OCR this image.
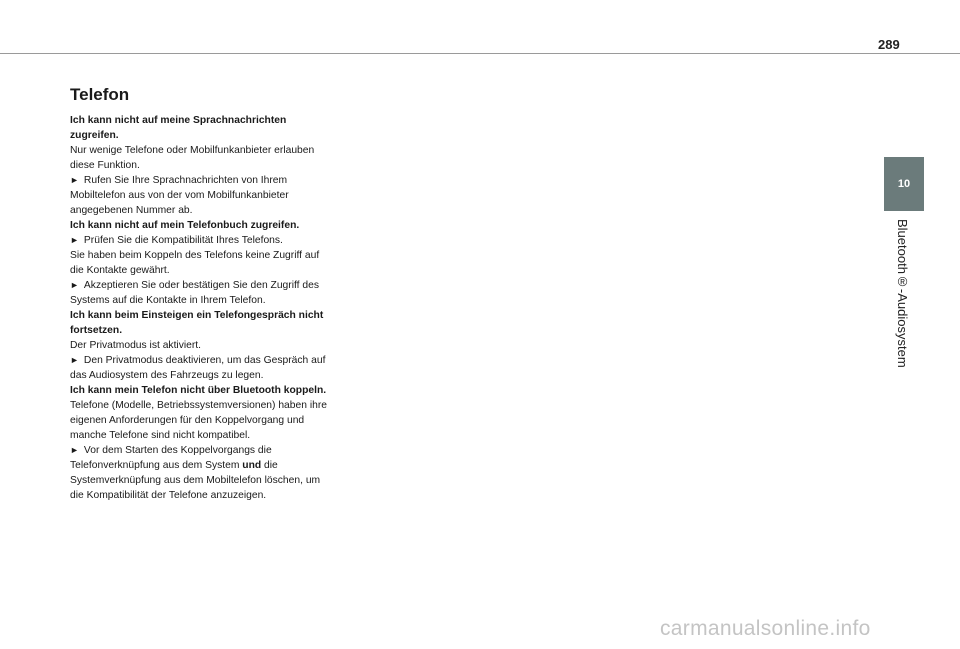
289
10
Bluetooth®-Audiosystem
Telefon

Ich kann nicht auf meine Sprachnachrichten zugreifen.

Nur wenige Telefone oder Mobilfunkanbieter erlauben diese Funktion.

► Rufen Sie Ihre Sprachnachrichten von Ihrem Mobiltelefon aus von der vom Mobilfunkanbieter angegebenen Nummer ab.

Ich kann nicht auf mein Telefonbuch zugreifen.

► Prüfen Sie die Kompatibilität Ihres Telefons.

Sie haben beim Koppeln des Telefons keine Zugriff auf die Kontakte gewährt.

► Akzeptieren Sie oder bestätigen Sie den Zugriff des Systems auf die Kontakte in Ihrem Telefon.

Ich kann beim Einsteigen ein Telefongespräch nicht fortsetzen.

Der Privatmodus ist aktiviert.

► Den Privatmodus deaktivieren, um das Gespräch auf das Audiosystem des Fahrzeugs zu legen.

Ich kann mein Telefon nicht über Bluetooth koppeln.

Telefone (Modelle, Betriebssystemversionen) haben ihre eigenen Anforderungen für den Koppelvorgang und manche Telefone sind nicht kompatibel.

► Vor dem Starten des Koppelvorgangs die Telefonverknüpfung aus dem System und die Systemverknüpfung aus dem Mobiltelefon löschen, um die Kompatibilität der Telefone anzuzeigen.

carmanualsonline.info
